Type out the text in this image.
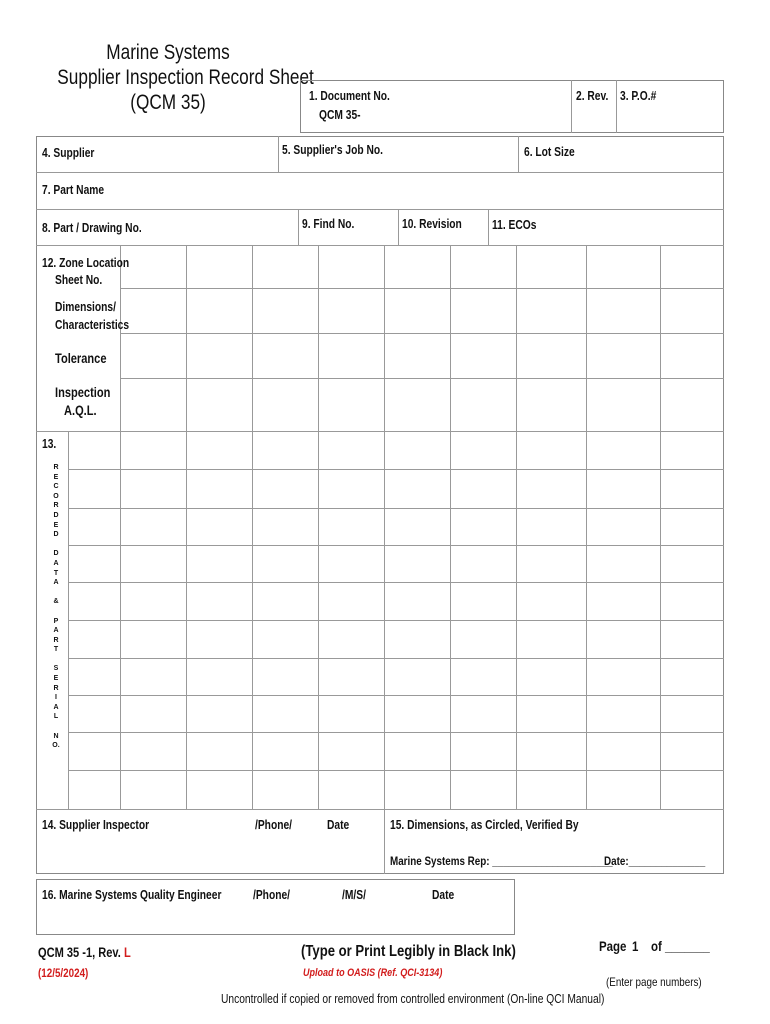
Marine Systems
Supplier Inspection Record Sheet
(QCM 35)	1. Document No.
QCM 35-
2. Rev. 3. P.O.#
4. Supplier	5. Supplier's Job No.	6. Lot Size
7. Part Name
8. Part / Drawing No.	9. Find No.	10. Revision 11. ECOs
12. Zone Location
Sheet No.
Dimensions/
Characteristics
Tolerance
Inspection
A.Q.L.
13.
R
E
C
O
R
D
E
D
D
A
T
A
&
P
A
R
T
S
E
R
I
A
L
N
O.
14. Supplier Inspector	/Phone/	Date	15. Dimensions, as Circled, Verified By
Marine Systems Rep: ______________________
Date:______________
16. Marine Systems Quality Engineer	/Phone/	/M/S/	Date
QCM 35 -1, Rev. L
(12/5/2024)
(Type or Print Legibly in Black Ink)
Upload to OASIS (Ref. QCI-3134)
Page 1 of _______
(Enter page numbers)
Uncontrolled if copied or removed from controlled environment (On-line QCI Manual)
